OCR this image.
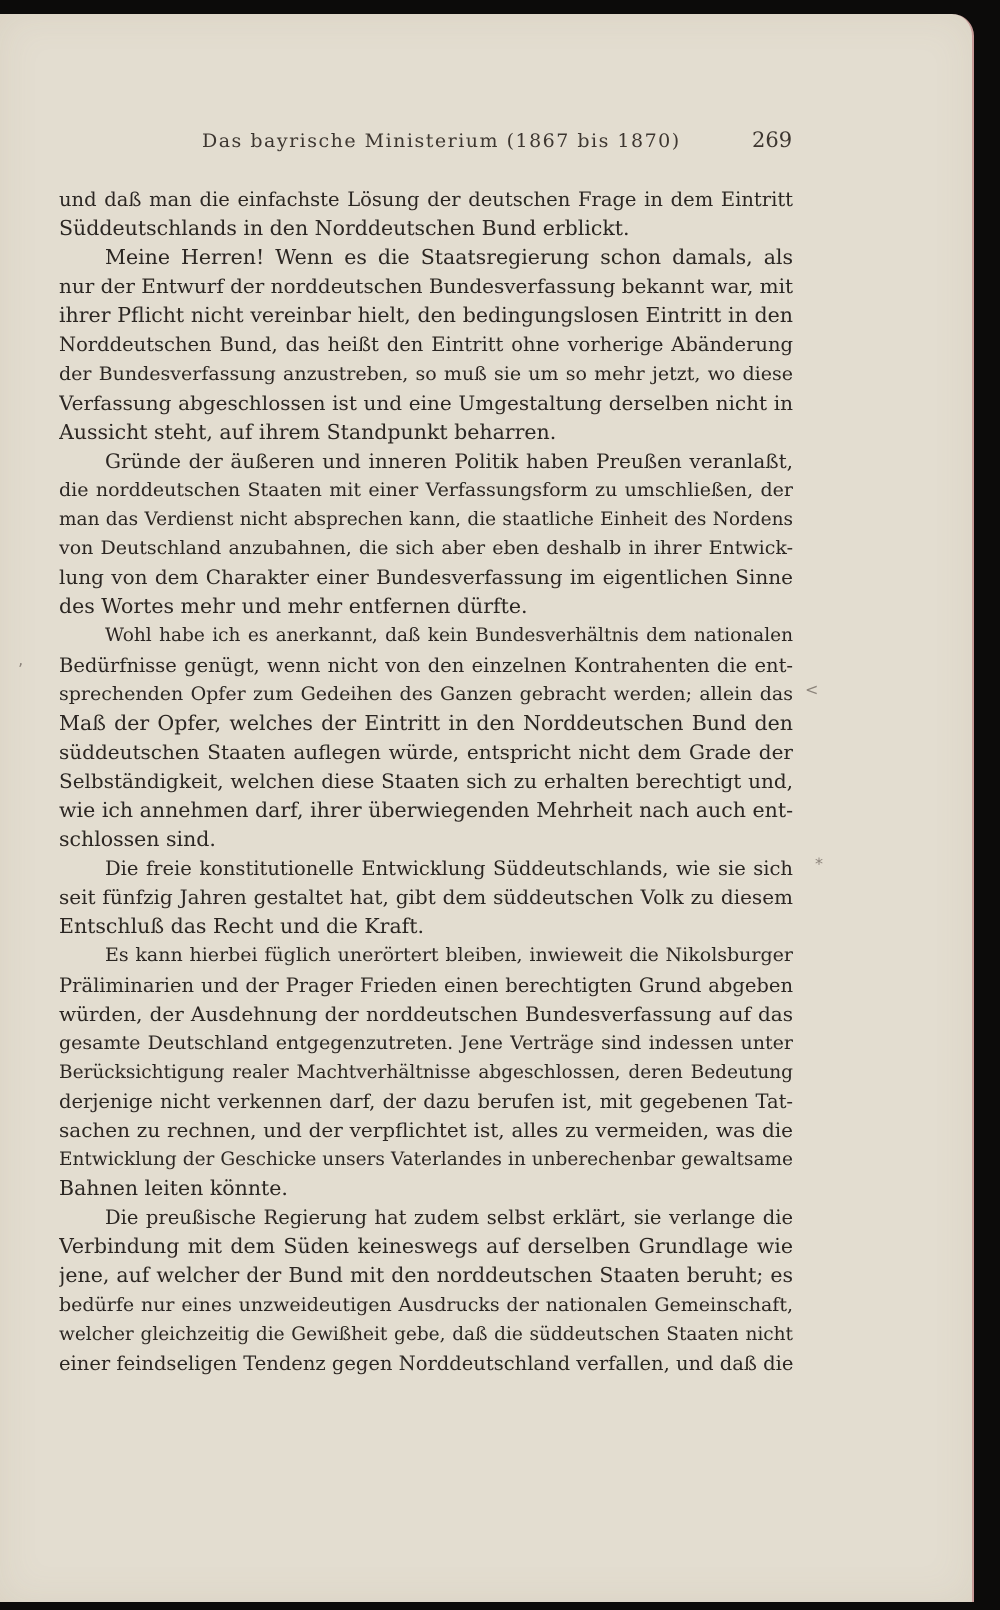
Das bayrische Ministerium (1867 bis 1870)	269
und daß man die einfachste Lösung der deutschen Frage in dem Eintritt
Süddeutschlands in den Norddeutschen Bund erblickt.
Meine Herren! Wenn es die Staatsregierung schon damals, als
nur der Entwurf der norddeutschen Bundesverfassung bekannt war, mit
ihrer Pflicht nicht vereinbar hielt, den bedingungslosen Eintritt in den
Norddeutschen Bund, das heißt den Eintritt ohne vorherige Abänderung
der Bundesverfassung anzustreben, so muß sie um so mehr jetzt, wo diese
Verfassung abgeschlossen ist und eine Umgestaltung derselben nicht in
Aussicht steht, auf ihrem Standpunkt beharren.
Gründe der äußeren und inneren Politik haben Preußen veranlaßt,
die norddeutschen Staaten mit einer Verfassungsform zu umschließen, der
man das Verdienst nicht absprechen kann, die staatliche Einheit des Nordens
von Deutschland anzubahnen, die sich aber eben deshalb in ihrer Entwick-
lung von dem Charakter einer Bundesverfassung im eigentlichen Sinne
des Wortes mehr und mehr entfernen dürfte.
Wohl habe ich es anerkannt, daß kein Bundesverhältnis dem nationalen
Bedürfnisse genügt, wenn nicht von den einzelnen Kontrahenten die ent-
sprechenden Opfer zum Gedeihen des Ganzen gebracht werden; allein das
Maß der Opfer, welches der Eintritt in den Norddeutschen Bund den
süddeutschen Staaten auflegen würde, entspricht nicht dem Grade der
Selbständigkeit, welchen diese Staaten sich zu erhalten berechtigt und,
wie ich annehmen darf, ihrer überwiegenden Mehrheit nach auch ent-
schlossen sind.
Die freie konstitutionelle Entwicklung Süddeutschlands, wie sie sich
seit fünfzig Jahren gestaltet hat, gibt dem süddeutschen Volk zu diesem
Entschluß das Recht und die Kraft.
Es kann hierbei füglich unerörtert bleiben, inwieweit die Nikolsburger
Präliminarien und der Prager Frieden einen berechtigten Grund abgeben
würden, der Ausdehnung der norddeutschen Bundesverfassung auf das
gesamte Deutschland entgegenzutreten. Jene Verträge sind indessen unter
Berücksichtigung realer Machtverhältnisse abgeschlossen, deren Bedeutung
derjenige nicht verkennen darf, der dazu berufen ist, mit gegebenen Tat-
sachen zu rechnen, und der verpflichtet ist, alles zu vermeiden, was die
Entwicklung der Geschicke unsers Vaterlandes in unberechenbar gewaltsame
Bahnen leiten könnte.
Die preußische Regierung hat zudem selbst erklärt, sie verlange die
Verbindung mit dem Süden keineswegs auf derselben Grundlage wie
jene, auf welcher der Bund mit den norddeutschen Staaten beruht; es
bedürfe nur eines unzweideutigen Ausdrucks der nationalen Gemeinschaft,
welcher gleichzeitig die Gewißheit gebe, daß die süddeutschen Staaten nicht
einer feindseligen Tendenz gegen Norddeutschland verfallen, und daß die
‚
<
*
